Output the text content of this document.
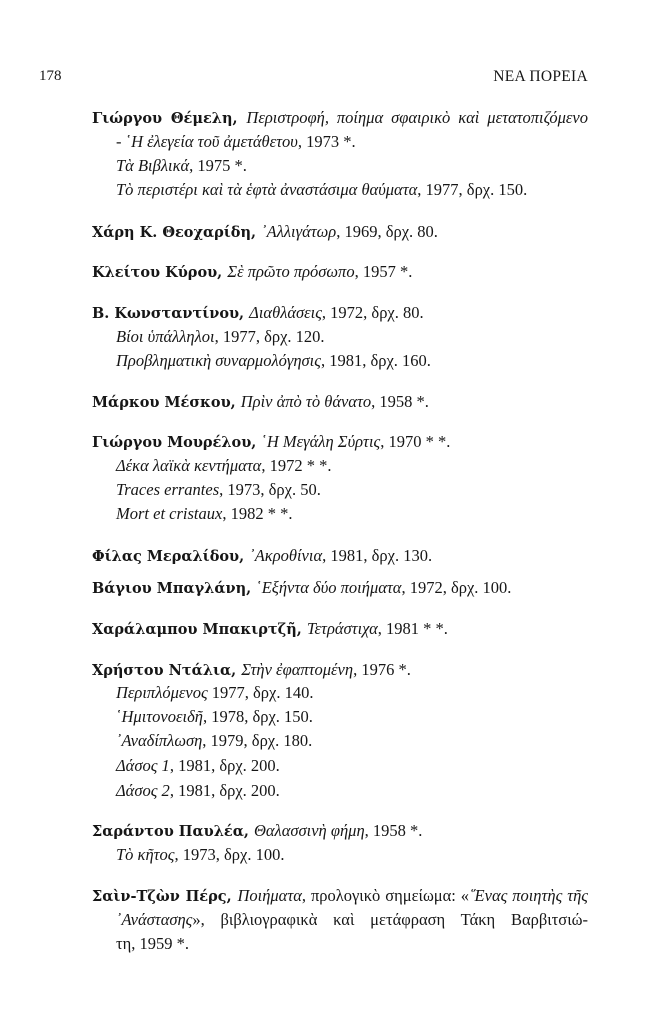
178	ΝΕΑ ΠΟΡΕΙΑ
Γιώργου Θέμελη, Περιστροφή, ποίημα σφαιρικὸ καὶ μετατοπιζόμενο
- ῾Η ἐλεγεία τοῦ ἀμετάθετου, 1973 *.
Τὰ Βιβλικά, 1975 *.
Τὸ περιστέρι καὶ τὰ ἑφτὰ ἀναστάσιμα θαύματα, 1977, δρχ. 150.
Χάρη Κ. Θεοχαρίδη, ᾿Αλλιγάτωρ, 1969, δρχ. 80.
Κλείτου Κύρου, Σὲ πρῶτο πρόσωπο, 1957 *.
Β. Κωνσταντίνου, Διαθλάσεις, 1972, δρχ. 80.
Βίοι ὑπάλληλοι, 1977, δρχ. 120.
Προβληματικὴ συναρμολόγησις, 1981, δρχ. 160.
Μάρκου Μέσκου, Πρὶν ἀπὸ τὸ θάνατο, 1958 *.
Γιώργου Μουρέλου, ῾Η Μεγάλη Σύρτις, 1970 * *.
Δέκα λαϊκὰ κεντήματα, 1972 * *.
Traces errantes, 1973, δρχ. 50.
Mort et cristaux, 1982 * *.
Φίλας Μεραλίδου, ᾿Ακροθίνια, 1981, δρχ. 130.
Βάγιου Μπαγλάνη, ῾Εξήντα δύο ποιήματα, 1972, δρχ. 100.
Χαράλαμπου Μπακιρτζῆ, Τετράστιχα, 1981 * *.
Χρήστου Ντάλια, Στὴν ἐφαπτομένη, 1976 *.
Περιπλόμενος 1977, δρχ. 140.
῾Ημιτονοειδῆ, 1978, δρχ. 150.
᾿Αναδίπλωση, 1979, δρχ. 180.
Δάσος 1, 1981, δρχ. 200.
Δάσος 2, 1981, δρχ. 200.
Σαράντου Παυλέα, Θαλασσινὴ φήμη, 1958 *.
Τὸ κῆτος, 1973, δρχ. 100.
Σαὶν-Τζὼν Πέρς, Ποιήματα, προλογικὸ σημείωμα: «῞Ενας ποιητὴς τῆς
᾿Ανάστασης», βιβλιογραφικὰ καὶ μετάφραση Τάκη Βαρβιτσιώ-
τη, 1959 *.
